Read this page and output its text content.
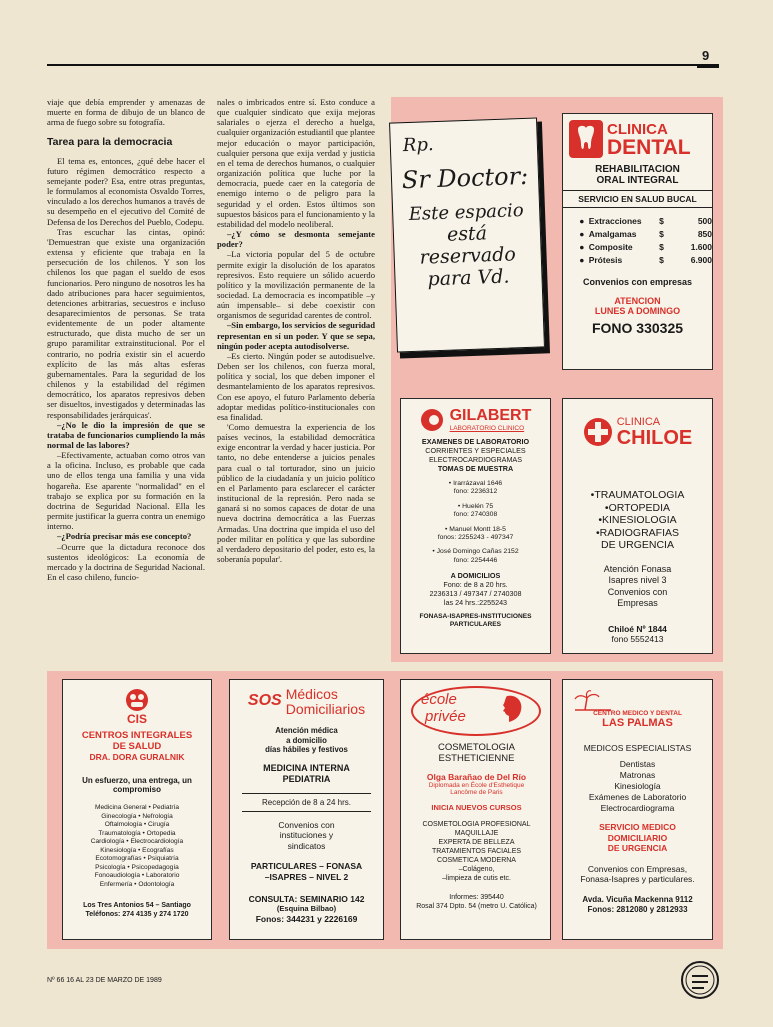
9

viaje que debía emprender y amenazas de muerte en forma de dibujo de un blanco de arma de fuego sobre su fotografía.

Tarea para la democracia

El tema es, entonces, ¿qué debe hacer el futuro régimen democrático respecto a semejante poder? Esa, entre otras preguntas, le formulamos al economista Osvaldo Torres, vinculado a los derechos humanos a través de su desempeño en el ejecutivo del Comité de Defensa de los Derechos del Pueblo, Codepu.

Tras escuchar las cintas, opinó: 'Demuestran que existe una organización extensa y eficiente que trabaja en la persecución de los chilenos. Y son los chilenos los que pagan el sueldo de esos funcionarios. Pero ninguno de nosotros les ha dado atribuciones para hacer seguimientos, detenciones arbitrarias, secuestros e incluso desaparecimientos de personas. Se trata evidentemente de un poder altamente estructurado, que dista mucho de ser un grupo paramilitar extrainstitucional. Por el contrario, no podría existir sin el acuerdo explícito de las más altas esferas gubernamentales. Para la seguridad de los chilenos y la estabilidad del régimen democrático, los aparatos represivos deben ser disueltos, investigados y determinadas las responsabilidades jerárquicas'.

–¿No le dio la impresión de que se trataba de funcionarios cumpliendo la más normal de las labores?

–Efectivamente, actuaban como otros van a la oficina. Incluso, es probable que cada uno de ellos tenga una familia y una vida hogareña. Ese aparente "normalidad" en el trabajo se explica por su formación en la doctrina de Seguridad Nacional. Ella les permite justificar la guerra contra un enemigo interno.

–¿Podría precisar más ese concepto?

–Ocurre que la dictadura reconoce dos sustentos ideológicos: La economía de mercado y la doctrina de Seguridad Nacional. En el caso chileno, funcio-

nales o imbricados entre sí. Esto conduce a que cualquier sindicato que exija mejoras salariales o ejerza el derecho a huelga, cualquier organización estudiantil que plantee mejor educación o mayor participación, cualquier persona que exija verdad y justicia en el tema de derechos humanos, o cualquier organización política que luche por la democracia, puede caer en la categoría de enemigo interno o de peligro para la seguridad y el orden. Estos últimos son supuestos básicos para el funcionamiento y la estabilidad del modelo neoliberal.

–¿Y cómo se desmonta semejante poder?

–La victoria popular del 5 de octubre permite exigir la disolución de los aparatos represivos. Esto requiere un sólido acuerdo político y la movilización permanente de la sociedad. La democracia es incompatible –y aún impensable– si debe coexistir con organismos de seguridad carentes de control.

–Sin embargo, los servicios de seguridad representan en sí un poder. Y que se sepa, ningún poder acepta autodisolverse.

–Es cierto. Ningún poder se autodisuelve. Deben ser los chilenos, con fuerza moral, política y social, los que deben imponer el desmantelamiento de los aparatos represivos. Con ese apoyo, el futuro Parlamento debería adoptar medidas político-institucionales con esa finalidad.

'Como demuestra la experiencia de los países vecinos, la estabilidad democrática exige encontrar la verdad y hacer justicia. Por tanto, no debe entenderse a juicios penales para cual o tal torturador, sino un juicio público de la ciudadanía y un juicio político en el Parlamento para esclarecer el carácter institucional de la represión. Pero nada se ganará si no somos capaces de dotar de una nueva doctrina democrática a las Fuerzas Armadas. Una doctrina que impida el uso del poder militar en política y que las subordine al verdadero depositario del poder, esto es, la soberanía popular'.

Rp.
Sr Doctor:
Este espacio
está
reservado
para Vd.
CLINICA
DENTAL
REHABILITACION
ORAL INTEGRAL
SERVICIO EN SALUD BUCAL
● Extracciones	$	500
● Amalgamas	$	850
● Composite	$	1.600
● Prótesis	$	6.900
Convenios con empresas
ATENCION
LUNES A DOMINGO
FONO 330325
GILABERT
LABORATORIO CLINICO
EXAMENES DE LABORATORIO
CORRIENTES Y ESPECIALES
ELECTROCARDIOGRAMAS
TOMAS DE MUESTRA
• Irarrázaval 1646
fono: 2236312
• Huelén 75
fono: 2740308
• Manuel Montt 18-5
fonos: 2255243 - 497347
• José Domingo Cañas 2152
fono: 2254446
A DOMICILIOS
Fono: de 8 a 20 hrs.
2236313 / 497347 / 2740308
las 24 hrs.:2255243
FONASA-ISAPRES-INSTITUCIONES
PARTICULARES
CLINICA
CHILOE
•TRAUMATOLOGIA
•ORTOPEDIA
•KINESIOLOGIA
•RADIOGRAFIAS
DE URGENCIA
Atención Fonasa
Isapres nivel 3
Convenios con
Empresas
Chiloé Nº 1844
fono 5552413
CIS
CENTROS INTEGRALES
DE SALUD
DRA. DORA GURALNIK
Un esfuerzo, una entrega, un
compromiso
Medicina General • Pediatría
Ginecología • Nefrología
Oftalmología • Cirugía
Traumatología • Ortopedia
Cardiología • Electrocardiología
Kinesiología • Ecografías
Ecotomografías • Psiquiatría
Psicología • Psicopedagogía
Fonoaudiología • Laboratorio
Enfermería • Odontología
Los Tres Antonios 54 – Santiago
Teléfonos: 274 4135 y 274 1720
SOS Médicos
Domiciliarios
Atención médica
a domicilio
días hábiles y festivos
MEDICINA INTERNA
PEDIATRIA
Recepción de 8 a 24 hrs.
Convenios con
instituciones y
sindicatos
PARTICULARES – FONASA
–ISAPRES – NIVEL 2
CONSULTA: SEMINARIO 142
(Esquina Bilbao)
Fonos: 344231 y 2226169
école
privée
COSMETOLOGIA
ESTHETICIENNE
Olga Barañao de Del Río
Diplomada en École d'Esthetique
Lancôme de Paris
INICIA NUEVOS CURSOS
COSMETOLOGIA PROFESIONAL
MAQUILLAJE
EXPERTA DE BELLEZA
TRATAMIENTOS FACIALES
COSMETICA MODERNA
–Colágeno,
–limpieza de cutis etc.
Informes: 395440
Rosal 374 Dpto. 54 (metro U. Católica)
CENTRO MEDICO Y DENTAL
LAS PALMAS
MEDICOS ESPECIALISTAS
Dentistas
Matronas
Kinesiología
Exámenes de Laboratorio
Electrocardiograma
SERVICIO MEDICO
DOMICILIARIO
DE URGENCIA
Convenios con Empresas,
Fonasa-Isapres y particulares.
Avda. Vicuña Mackenna 9112
Fonos: 2812080 y 2812933
Nº 66 16 AL 23 DE MARZO DE 1989
